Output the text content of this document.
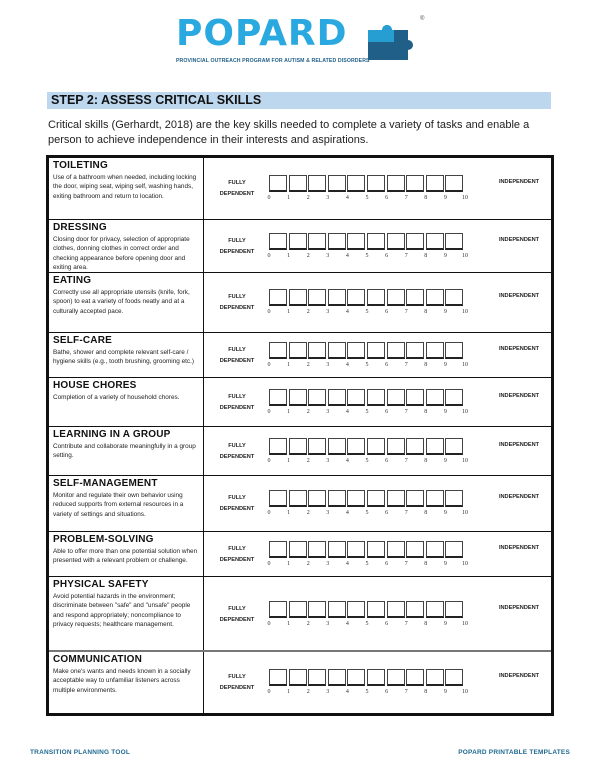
POPARD	®
PROVINCIAL OUTREACH PROGRAM FOR AUTISM & RELATED DISORDERS
STEP 2: ASSESS CRITICAL SKILLS

Critical skills (Gerhardt, 2018) are the key skills needed to complete a variety of tasks and enable a person to achieve independence in their interests and aspirations.

TOILETING
Use of a bathroom when needed, including locking the door, wiping seat, wiping self, washing hands, exiting bathroom and return to location.
FULLY DEPENDENT
0	1	2	3	4	5	6	7	8	9	10
INDEPENDENT
DRESSING
Closing door for privacy, selection of appropriate clothes, donning clothes in correct order and checking appearance before opening door and exiting area.
FULLY DEPENDENT
0	1	2	3	4	5	6	7	8	9	10
INDEPENDENT
EATING
Correctly use all appropriate utensils (knife, fork, spoon) to eat a variety of foods neatly and at a culturally accepted pace.
FULLY DEPENDENT
0	1	2	3	4	5	6	7	8	9	10
INDEPENDENT
SELF-CARE
Bathe, shower and complete relevant self-care / hygiene skills (e.g., tooth brushing, grooming etc.)
FULLY DEPENDENT
0	1	2	3	4	5	6	7	8	9	10
INDEPENDENT
HOUSE CHORES
Completion of a variety of household chores.	FULLY DEPENDENT
0	1	2	3	4	5	6	7	8	9	10
INDEPENDENT
LEARNING IN A GROUP
Contribute and collaborate meaningfully in a group setting.
FULLY DEPENDENT
0	1	2	3	4	5	6	7	8	9	10
INDEPENDENT
SELF-MANAGEMENT
Monitor and regulate their own behavior using reduced supports from external resources in a variety of settings and situations.
FULLY DEPENDENT
0	1	2	3	4	5	6	7	8	9	10
INDEPENDENT
PROBLEM-SOLVING
Able to offer more than one potential solution when presented with a relevant problem or challenge.
FULLY DEPENDENT
0	1	2	3	4	5	6	7	8	9	10
INDEPENDENT
PHYSICAL SAFETY
Avoid potential hazards in the environment; discriminate between "safe" and "unsafe" people and respond appropriately; noncompliance to privacy requests; healthcare management.
FULLY DEPENDENT
0	1	2	3	4	5	6	7	8	9	10
INDEPENDENT
COMMUNICATION
Make one's wants and needs known in a socially acceptable way to unfamiliar listeners across multiple environments.
FULLY DEPENDENT
0	1	2	3	4	5	6	7	8	9	10
INDEPENDENT
TRANSITION PLANNING TOOL	POPARD PRINTABLE TEMPLATES
